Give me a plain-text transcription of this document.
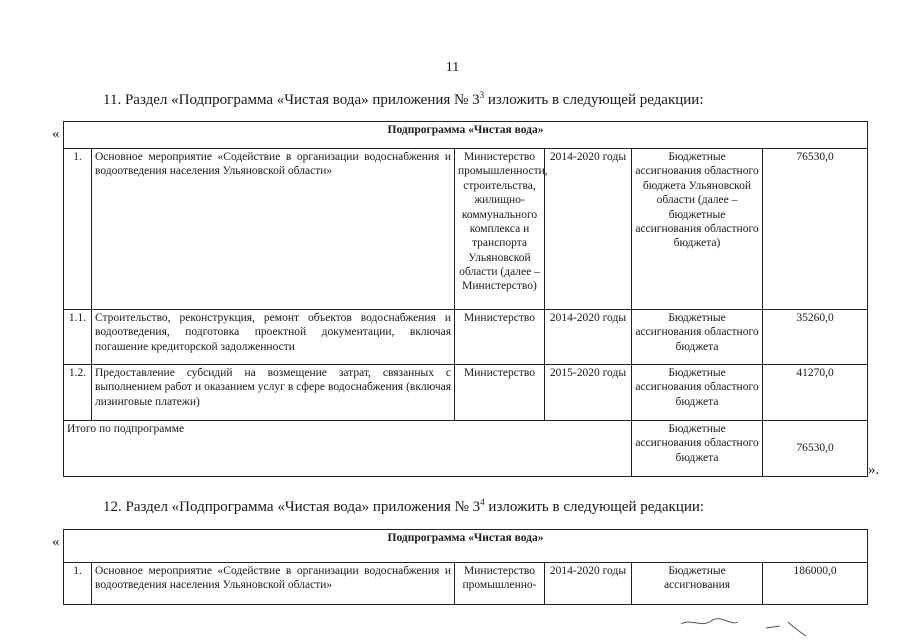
11
11. Раздел «Подпрограмма «Чистая вода» приложения № $3^3$ изложить в следующей редакции:
«	Подпрограмма «Чистая вода»					
1.	Основное мероприятие «Содействие в организации водоснабжения и водоотведения населения Ульяновской области»	Министерство промышленности, строительства, жилищно-коммунального комплекса и транспорта Ульяновской области (далее – Министерство)	2014-2020 годы	Бюджетные ассигнования областного бюджета Ульяновской области (далее – бюджетные ассигнования областного бюджета)	76530,0
1.1.	Строительство, реконструкция, ремонт объектов водоснабжения и водоотведения, подготовка проектной документации, включая погашение кредиторской задолженности	Министерство	2014-2020 годы	Бюджетные ассигнования областного бюджета	35260,0
1.2.	Предоставление субсидий на возмещение затрат, связанных с выполнением работ и оказанием услуг в сфере водоснабжения (включая лизинговые платежи)	Министерство	2015-2020 годы	Бюджетные ассигнования областного бюджета	41270,0
Итого по подпрограмме				Бюджетные ассигнования областного бюджета	76530,0
».
12. Раздел «Подпрограмма «Чистая вода» приложения № $3^4$ изложить в следующей редакции:
«	Подпрограмма «Чистая вода»
1.	Основное мероприятие «Содействие в организации водоснабжения и водоотведения населения Ульяновской области»	Министерство промышленно-	2014-2020 годы	Бюджетные ассигнования	186000,0
